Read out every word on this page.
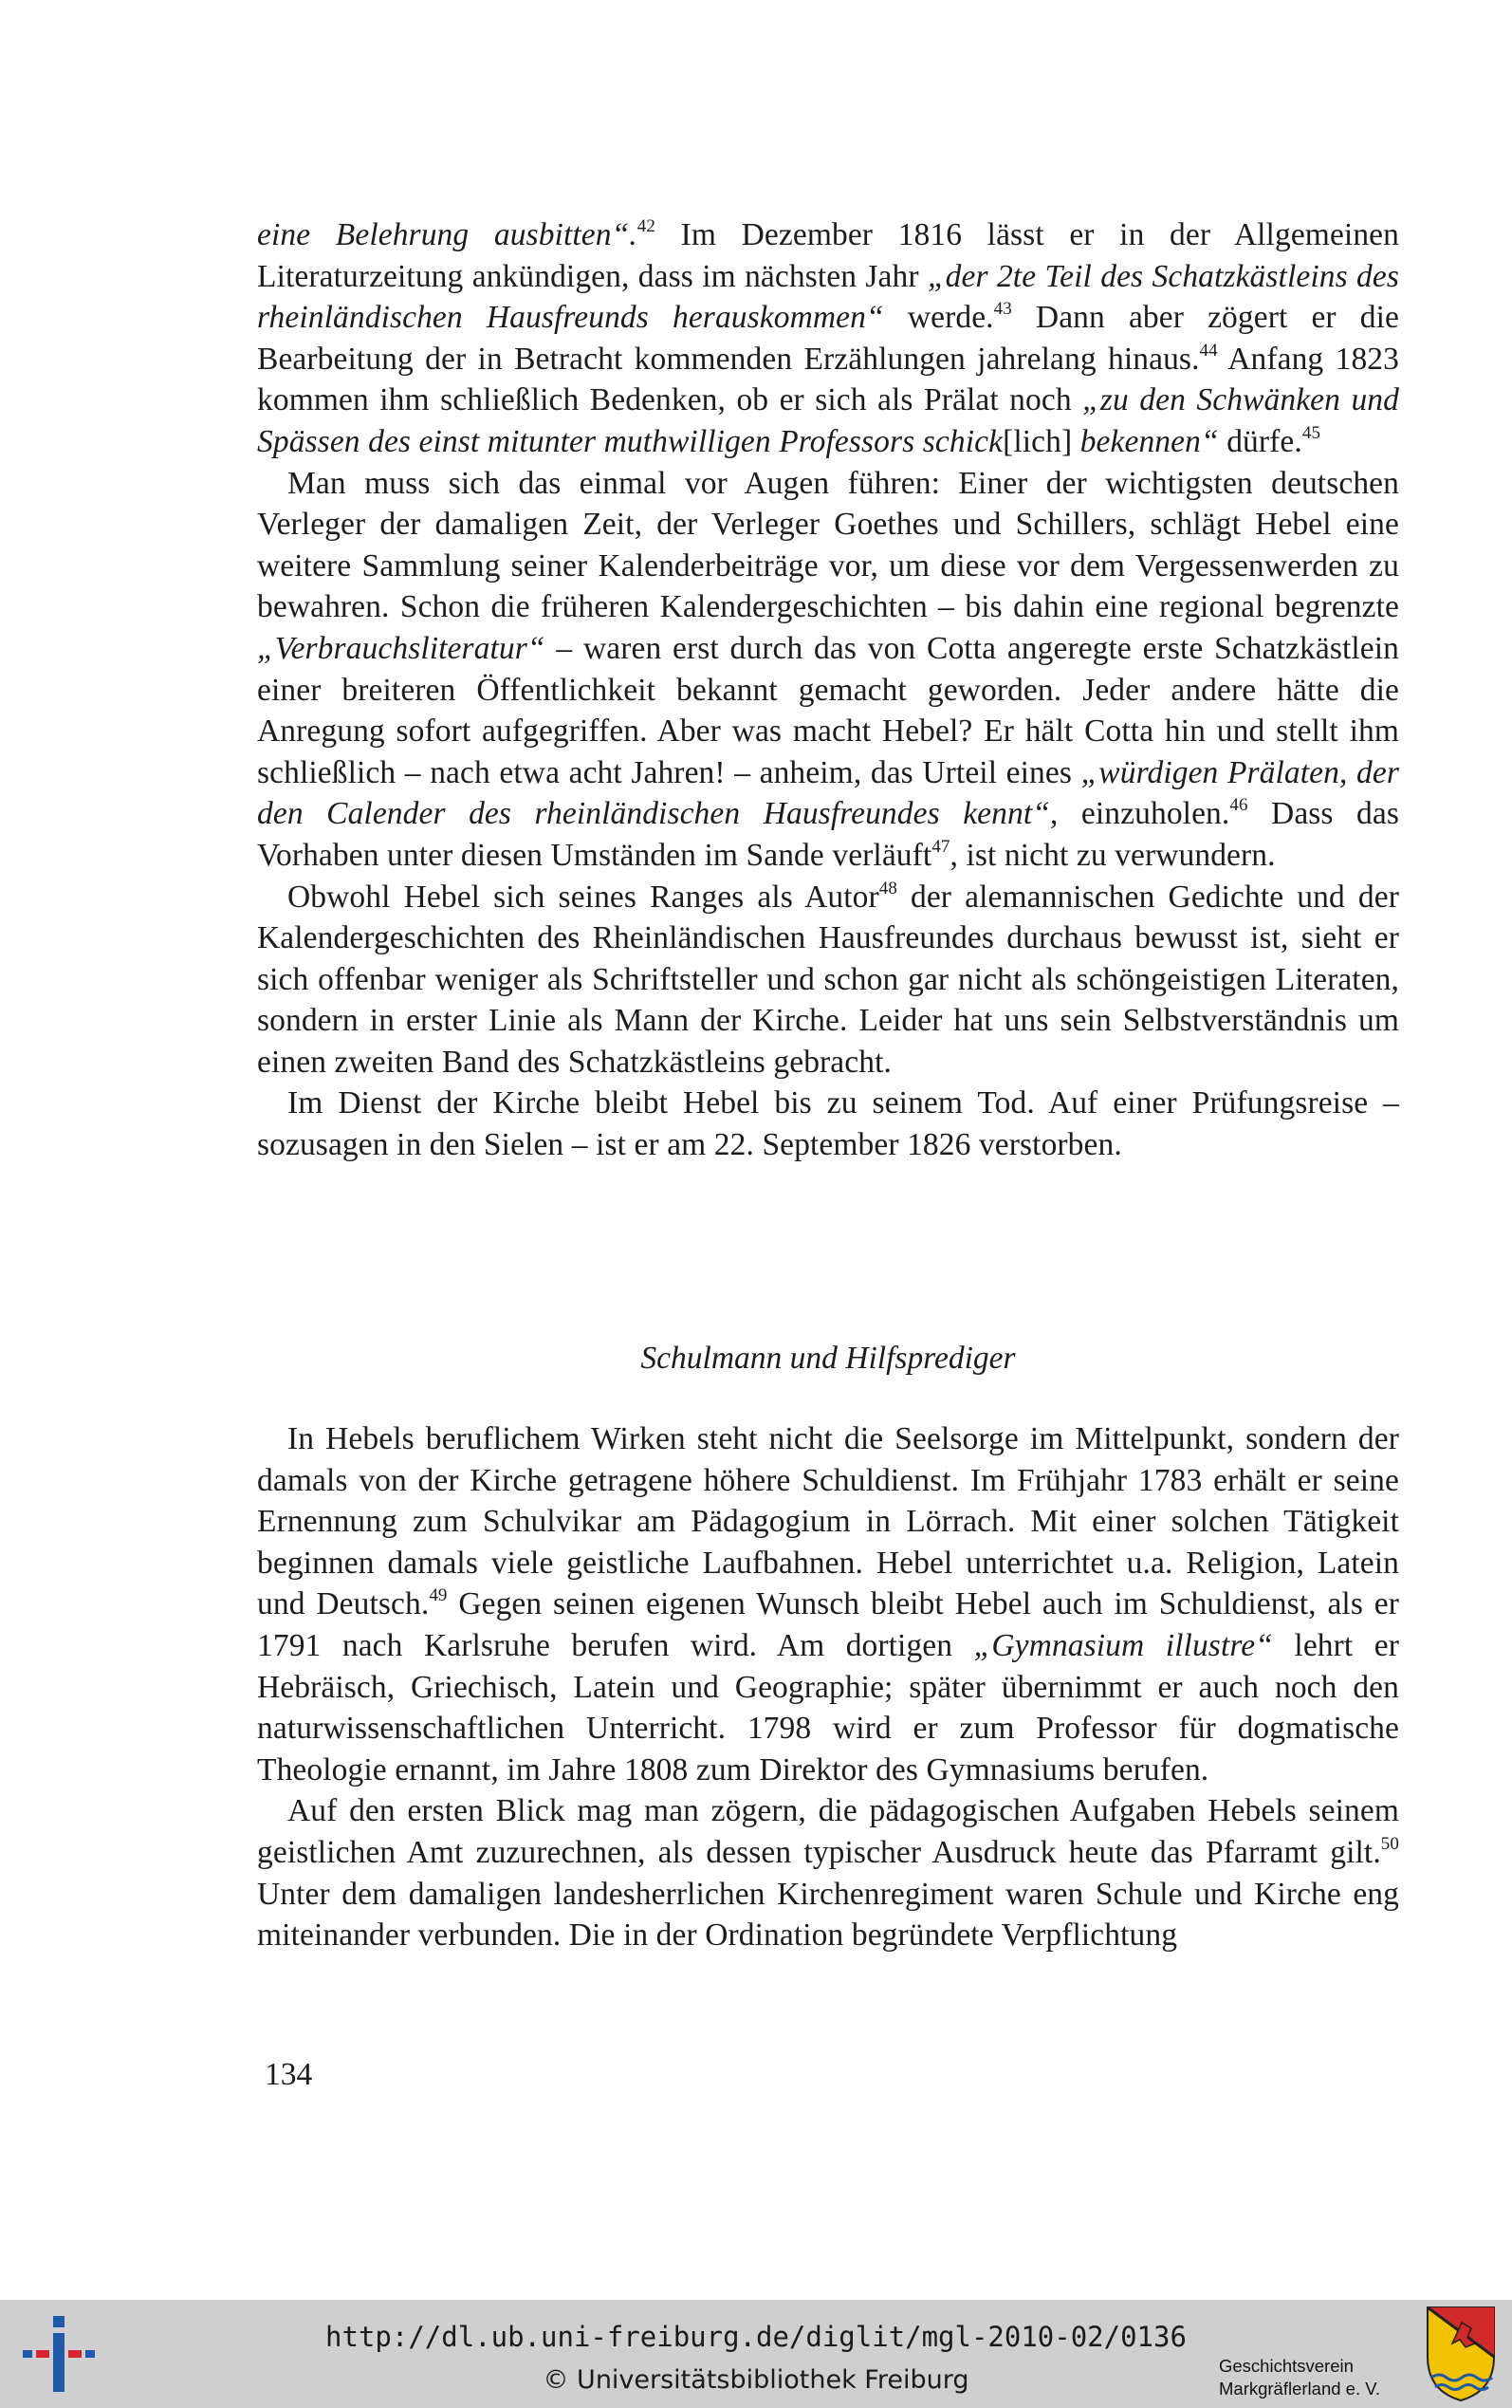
eine Belehrung ausbitten“.$^{42}$ Im Dezember 1816 lässt er in der Allgemeinen Literaturzeitung ankündigen, dass im nächsten Jahr „der 2te Teil des Schatzkästleins des rheinländischen Hausfreunds herauskommen“ werde.$^{43}$ Dann aber zögert er die Bearbeitung der in Betracht kommenden Erzählungen jahrelang hinaus.$^{44}$ Anfang 1823 kommen ihm schließlich Bedenken, ob er sich als Prälat noch „zu den Schwänken und Spässen des einst mitunter muthwilligen Professors schick[lich] bekennen“ dürfe.$^{45}$

Man muss sich das einmal vor Augen führen: Einer der wichtigsten deutschen Verleger der damaligen Zeit, der Verleger Goethes und Schillers, schlägt Hebel eine weitere Sammlung seiner Kalenderbeiträge vor, um diese vor dem Vergessenwerden zu bewahren. Schon die früheren Kalendergeschichten – bis dahin eine regional begrenzte „Verbrauchsliteratur“ – waren erst durch das von Cotta angeregte erste Schatzkästlein einer breiteren Öffentlichkeit bekannt gemacht geworden. Jeder andere hätte die Anregung sofort aufgegriffen. Aber was macht Hebel? Er hält Cotta hin und stellt ihm schließlich – nach etwa acht Jahren! – anheim, das Urteil eines „würdigen Prälaten, der den Calender des rheinländischen Hausfreundes kennt“, einzuholen.$^{46}$ Dass das Vorhaben unter diesen Umständen im Sande verläuft$^{47}$, ist nicht zu verwundern.

Obwohl Hebel sich seines Ranges als Autor$^{48}$ der alemannischen Gedichte und der Kalendergeschichten des Rheinländischen Hausfreundes durchaus bewusst ist, sieht er sich offenbar weniger als Schriftsteller und schon gar nicht als schöngeistigen Literaten, sondern in erster Linie als Mann der Kirche. Leider hat uns sein Selbstverständnis um einen zweiten Band des Schatzkästleins gebracht.

Im Dienst der Kirche bleibt Hebel bis zu seinem Tod. Auf einer Prüfungsreise – sozusagen in den Sielen – ist er am 22. September 1826 verstorben.

Schulmann und Hilfsprediger

In Hebels beruflichem Wirken steht nicht die Seelsorge im Mittelpunkt, sondern der damals von der Kirche getragene höhere Schuldienst. Im Frühjahr 1783 erhält er seine Ernennung zum Schulvikar am Pädagogium in Lörrach. Mit einer solchen Tätigkeit beginnen damals viele geistliche Laufbahnen. Hebel unterrichtet u.a. Religion, Latein und Deutsch.$^{49}$ Gegen seinen eigenen Wunsch bleibt Hebel auch im Schuldienst, als er 1791 nach Karlsruhe berufen wird. Am dortigen „Gymnasium illustre“ lehrt er Hebräisch, Griechisch, Latein und Geographie; später übernimmt er auch noch den naturwissenschaftlichen Unterricht. 1798 wird er zum Professor für dogmatische Theologie ernannt, im Jahre 1808 zum Direktor des Gymnasiums berufen.

Auf den ersten Blick mag man zögern, die pädagogischen Aufgaben Hebels seinem geistlichen Amt zuzurechnen, als dessen typischer Ausdruck heute das Pfarramt gilt.$^{50}$ Unter dem damaligen landesherrlichen Kirchenregiment waren Schule und Kirche eng miteinander verbunden. Die in der Ordination begründete Verpflichtung

134
http://dl.ub.uni-freiburg.de/diglit/mgl-2010-02/0136
© Universitätsbibliothek Freiburg	Geschichtsverein
Markgräflerland e. V.
